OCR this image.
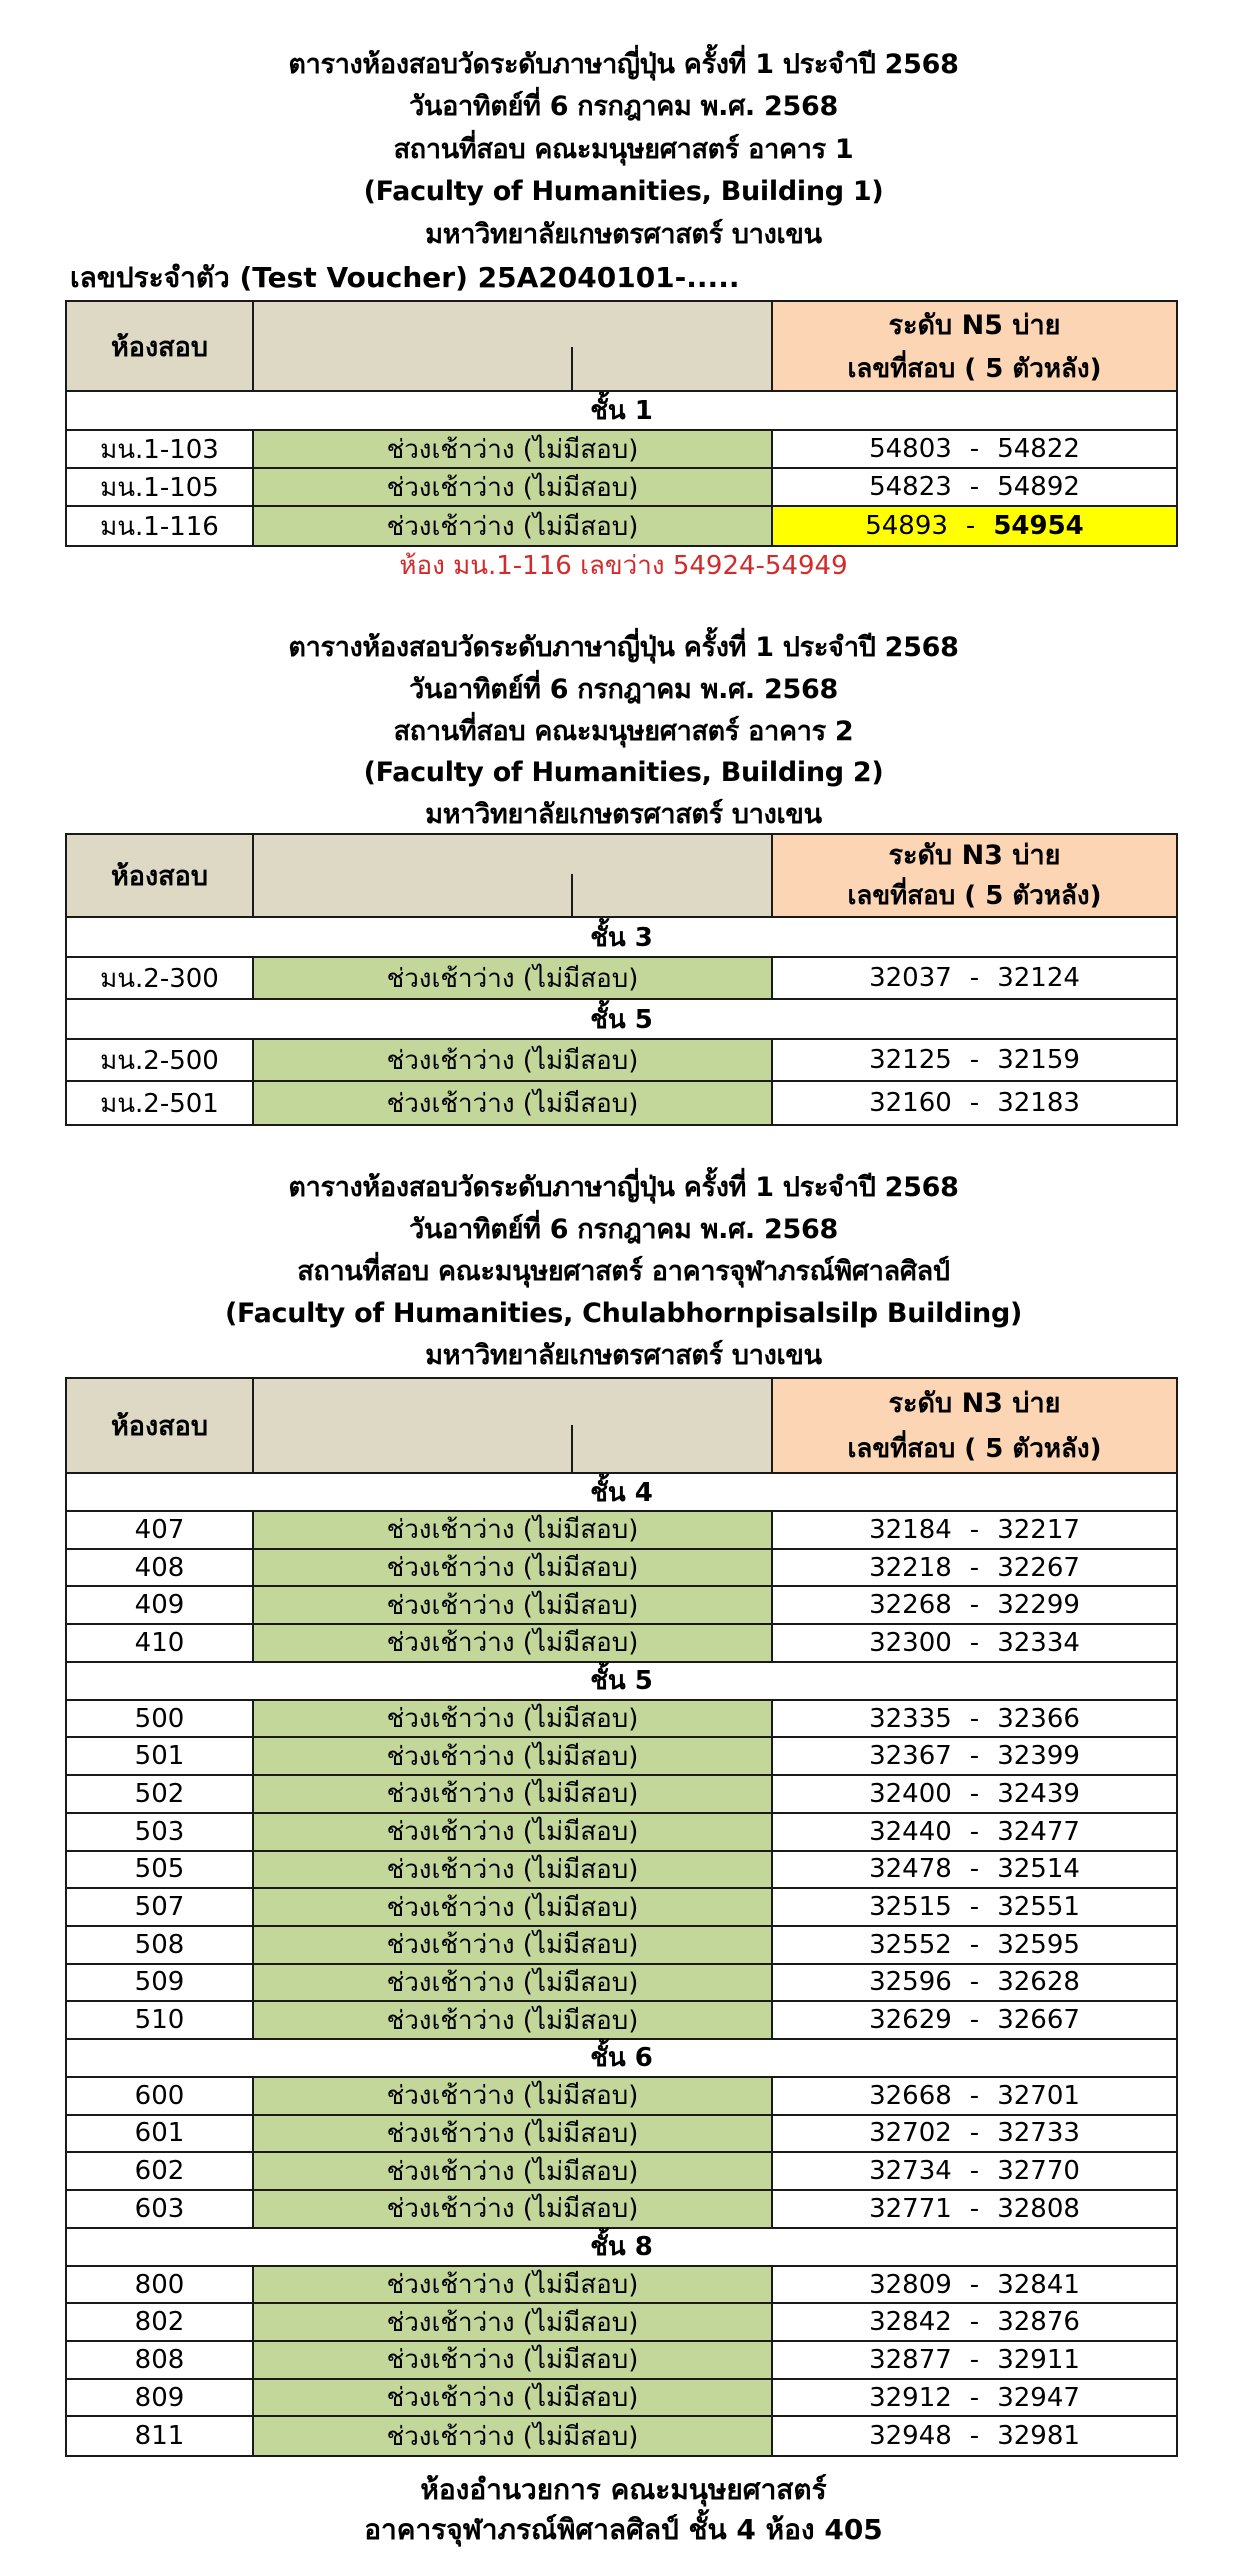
ตารางห้องสอบวัดระดับภาษาญี่ปุ่น ครั้งที่ 1 ประจำปี 2568
วันอาทิตย์ที่ 6 กรกฎาคม พ.ศ. 2568
สถานที่สอบ คณะมนุษยศาสตร์ อาคาร 1
(Faculty of Humanities, Building 1)
มหาวิทยาลัยเกษตรศาสตร์ บางเขน
เลขประจำตัว (Test Voucher) 25A2040101-.....
ห้องสอบ
ระดับ N5 บ่าย
เลขที่สอบ ( 5 ตัวหลัง)
ชั้น 1
มน.1-103	ช่วงเช้าว่าง (ไม่มีสอบ)	54803 - 54822
มน.1-105	ช่วงเช้าว่าง (ไม่มีสอบ)	54823 - 54892
มน.1-116	ช่วงเช้าว่าง (ไม่มีสอบ)	54893 - 54954
ห้อง มน.1-116 เลขว่าง 54924-54949
ตารางห้องสอบวัดระดับภาษาญี่ปุ่น ครั้งที่ 1 ประจำปี 2568
วันอาทิตย์ที่ 6 กรกฎาคม พ.ศ. 2568
สถานที่สอบ คณะมนุษยศาสตร์ อาคาร 2
(Faculty of Humanities, Building 2)
มหาวิทยาลัยเกษตรศาสตร์ บางเขน
ห้องสอบ
ระดับ N3 บ่าย
เลขที่สอบ ( 5 ตัวหลัง)
ชั้น 3
มน.2-300	ช่วงเช้าว่าง (ไม่มีสอบ)	32037 - 32124
ชั้น 5
มน.2-500	ช่วงเช้าว่าง (ไม่มีสอบ)	32125 - 32159
มน.2-501	ช่วงเช้าว่าง (ไม่มีสอบ)	32160 - 32183
ตารางห้องสอบวัดระดับภาษาญี่ปุ่น ครั้งที่ 1 ประจำปี 2568
วันอาทิตย์ที่ 6 กรกฎาคม พ.ศ. 2568
สถานที่สอบ คณะมนุษยศาสตร์ อาคารจุฬาภรณ์พิศาลศิลป์
(Faculty of Humanities, Chulabhornpisalsilp Building)
มหาวิทยาลัยเกษตรศาสตร์ บางเขน
ห้องสอบ
ระดับ N3 บ่าย
เลขที่สอบ ( 5 ตัวหลัง)
ชั้น 4
407	ช่วงเช้าว่าง (ไม่มีสอบ)	32184 - 32217
408	ช่วงเช้าว่าง (ไม่มีสอบ)	32218 - 32267
409	ช่วงเช้าว่าง (ไม่มีสอบ)	32268 - 32299
410	ช่วงเช้าว่าง (ไม่มีสอบ)	32300 - 32334
ชั้น 5
500	ช่วงเช้าว่าง (ไม่มีสอบ)	32335 - 32366
501	ช่วงเช้าว่าง (ไม่มีสอบ)	32367 - 32399
502	ช่วงเช้าว่าง (ไม่มีสอบ)	32400 - 32439
503	ช่วงเช้าว่าง (ไม่มีสอบ)	32440 - 32477
505	ช่วงเช้าว่าง (ไม่มีสอบ)	32478 - 32514
507	ช่วงเช้าว่าง (ไม่มีสอบ)	32515 - 32551
508	ช่วงเช้าว่าง (ไม่มีสอบ)	32552 - 32595
509	ช่วงเช้าว่าง (ไม่มีสอบ)	32596 - 32628
510	ช่วงเช้าว่าง (ไม่มีสอบ)	32629 - 32667
ชั้น 6
600	ช่วงเช้าว่าง (ไม่มีสอบ)	32668 - 32701
601	ช่วงเช้าว่าง (ไม่มีสอบ)	32702 - 32733
602	ช่วงเช้าว่าง (ไม่มีสอบ)	32734 - 32770
603	ช่วงเช้าว่าง (ไม่มีสอบ)	32771 - 32808
ชั้น 8
800	ช่วงเช้าว่าง (ไม่มีสอบ)	32809 - 32841
802	ช่วงเช้าว่าง (ไม่มีสอบ)	32842 - 32876
808	ช่วงเช้าว่าง (ไม่มีสอบ)	32877 - 32911
809	ช่วงเช้าว่าง (ไม่มีสอบ)	32912 - 32947
811	ช่วงเช้าว่าง (ไม่มีสอบ)	32948 - 32981
ห้องอำนวยการ คณะมนุษยศาสตร์
อาคารจุฬาภรณ์พิศาลศิลป์ ชั้น 4 ห้อง 405
